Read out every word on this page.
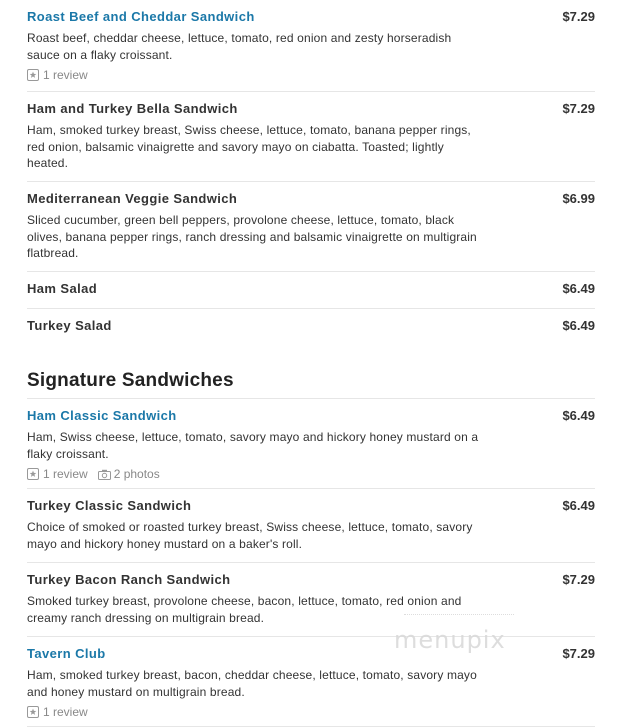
Roast Beef and Cheddar Sandwich	$7.29
Roast beef, cheddar cheese, lettuce, tomato, red onion and zesty horseradish sauce on a flaky croissant.
1 review
Ham and Turkey Bella Sandwich	$7.29
Ham, smoked turkey breast, Swiss cheese, lettuce, tomato, banana pepper rings, red onion, balsamic vinaigrette and savory mayo on ciabatta. Toasted; lightly heated.
Mediterranean Veggie Sandwich	$6.99
Sliced cucumber, green bell peppers, provolone cheese, lettuce, tomato, black olives, banana pepper rings, ranch dressing and balsamic vinaigrette on multigrain flatbread.
Ham Salad	$6.49
Turkey Salad	$6.49
Signature Sandwiches
Ham Classic Sandwich	$6.49
Ham, Swiss cheese, lettuce, tomato, savory mayo and hickory honey mustard on a flaky croissant.
1 review 2 photos
Turkey Classic Sandwich	$6.49
Choice of smoked or roasted turkey breast, Swiss cheese, lettuce, tomato, savory mayo and hickory honey mustard on a baker's roll.
Turkey Bacon Ranch Sandwich	$7.29
Smoked turkey breast, provolone cheese, bacon, lettuce, tomato, red onion and creamy ranch dressing on multigrain bread.
Tavern Club	$7.29
Ham, smoked turkey breast, bacon, cheddar cheese, lettuce, tomato, savory mayo and honey mustard on multigrain bread.
1 review
menupix
